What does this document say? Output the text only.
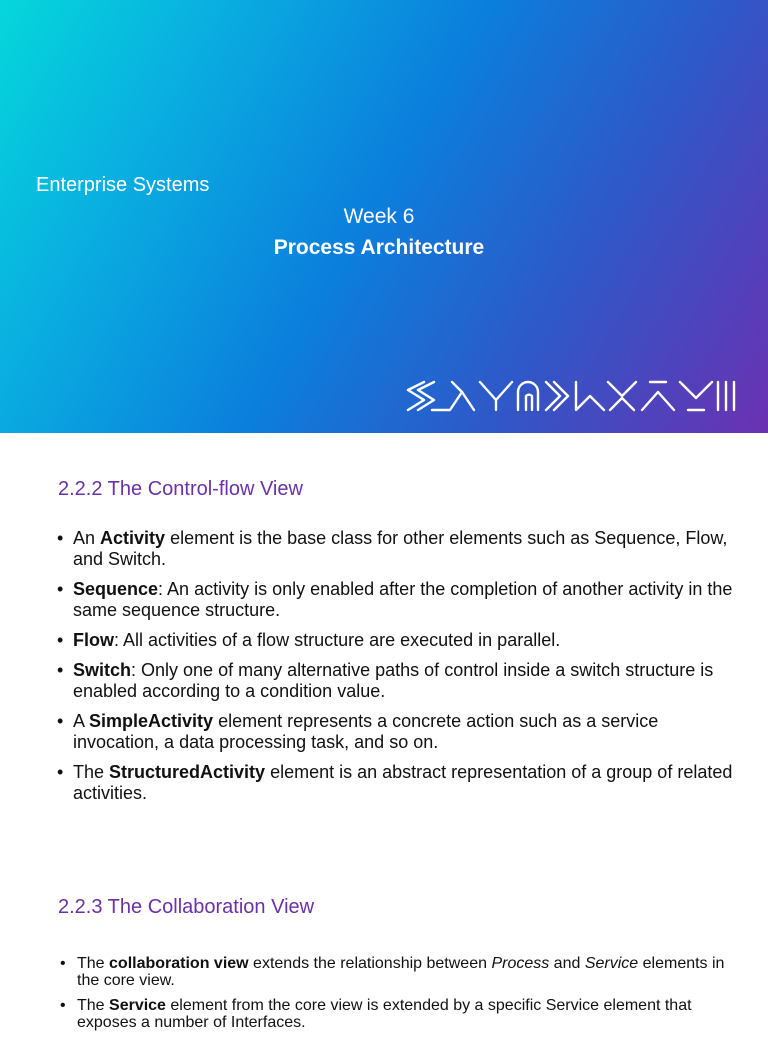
Enterprise Systems
Week 6
Process Architecture
2.2.2 The Control-flow View
• An Activity element is the base class for other elements such as Sequence, Flow, and Switch.
• Sequence: An activity is only enabled after the completion of another activity in the same sequence structure.
• Flow: All activities of a flow structure are executed in parallel.
• Switch: Only one of many alternative paths of control inside a switch structure is enabled according to a condition value.
• A SimpleActivity element represents a concrete action such as a service invocation, a data processing task, and so on.
• The StructuredActivity element is an abstract representation of a group of related activities.
2.2.3 The Collaboration View
• The collaboration view extends the relationship between Process and Service elements in the core view.
• The Service element from the core view is extended by a specific Service element that exposes a number of Interfaces.
